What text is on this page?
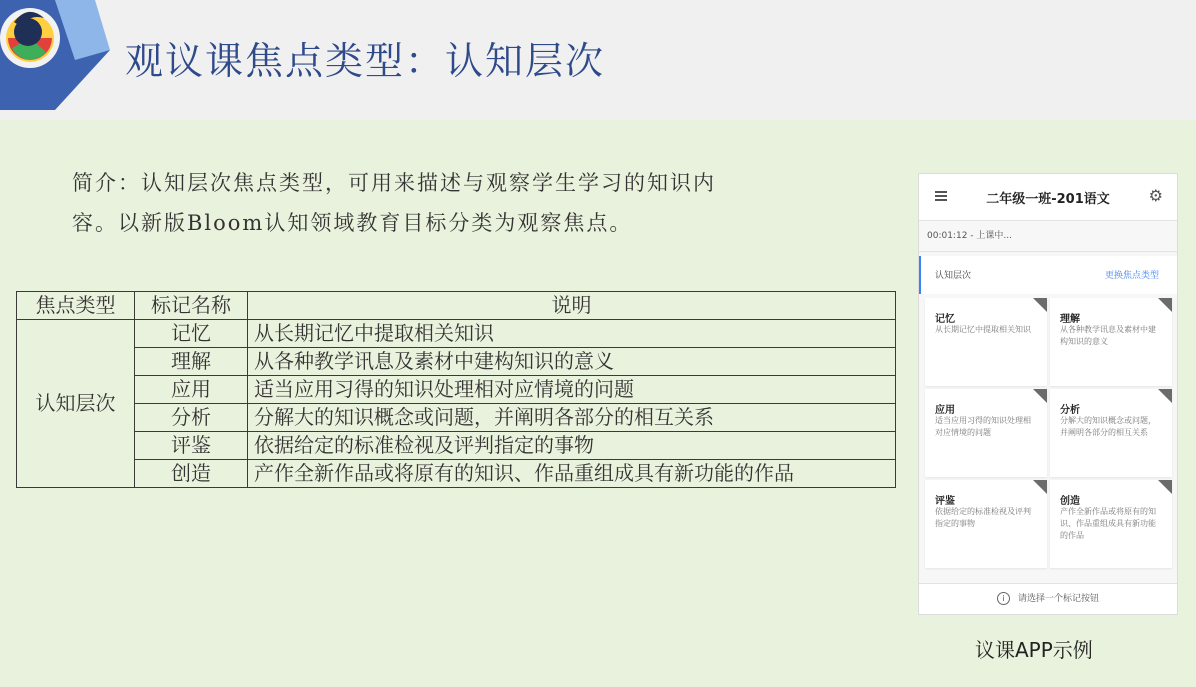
观议课焦点类型：认知层次
简介：认知层次焦点类型，可用来描述与观察学生学习的知识内
容。以新版Bloom认知领域教育目标分类为观察焦点。
焦点类型	标记名称	说明
认知层次	记忆	从长期记忆中提取相关知识
	理解	从各种教学讯息及素材中建构知识的意义
	应用	适当应用习得的知识处理相对应情境的问题
	分析	分解大的知识概念或问题，并阐明各部分的相互关系
	评鉴	依据给定的标准检视及评判指定的事物
	创造	产作全新作品或将原有的知识、作品重组成具有新功能的作品
二年级一班-201语文	⚙
00:01:12 - 上课中...
认知层次	更换焦点类型
记忆
从长期记忆中提取相关知识
理解
从各种教学讯息及素材中建构知识的意义
应用
适当应用习得的知识处理相对应情境的问题
分析
分解大的知识概念或问题，并阐明各部分的相互关系
评鉴
依据给定的标准检视及评判指定的事物
创造
产作全新作品或将原有的知识、作品重组成具有新功能的作品
i 请选择一个标记按钮
议课APP示例
